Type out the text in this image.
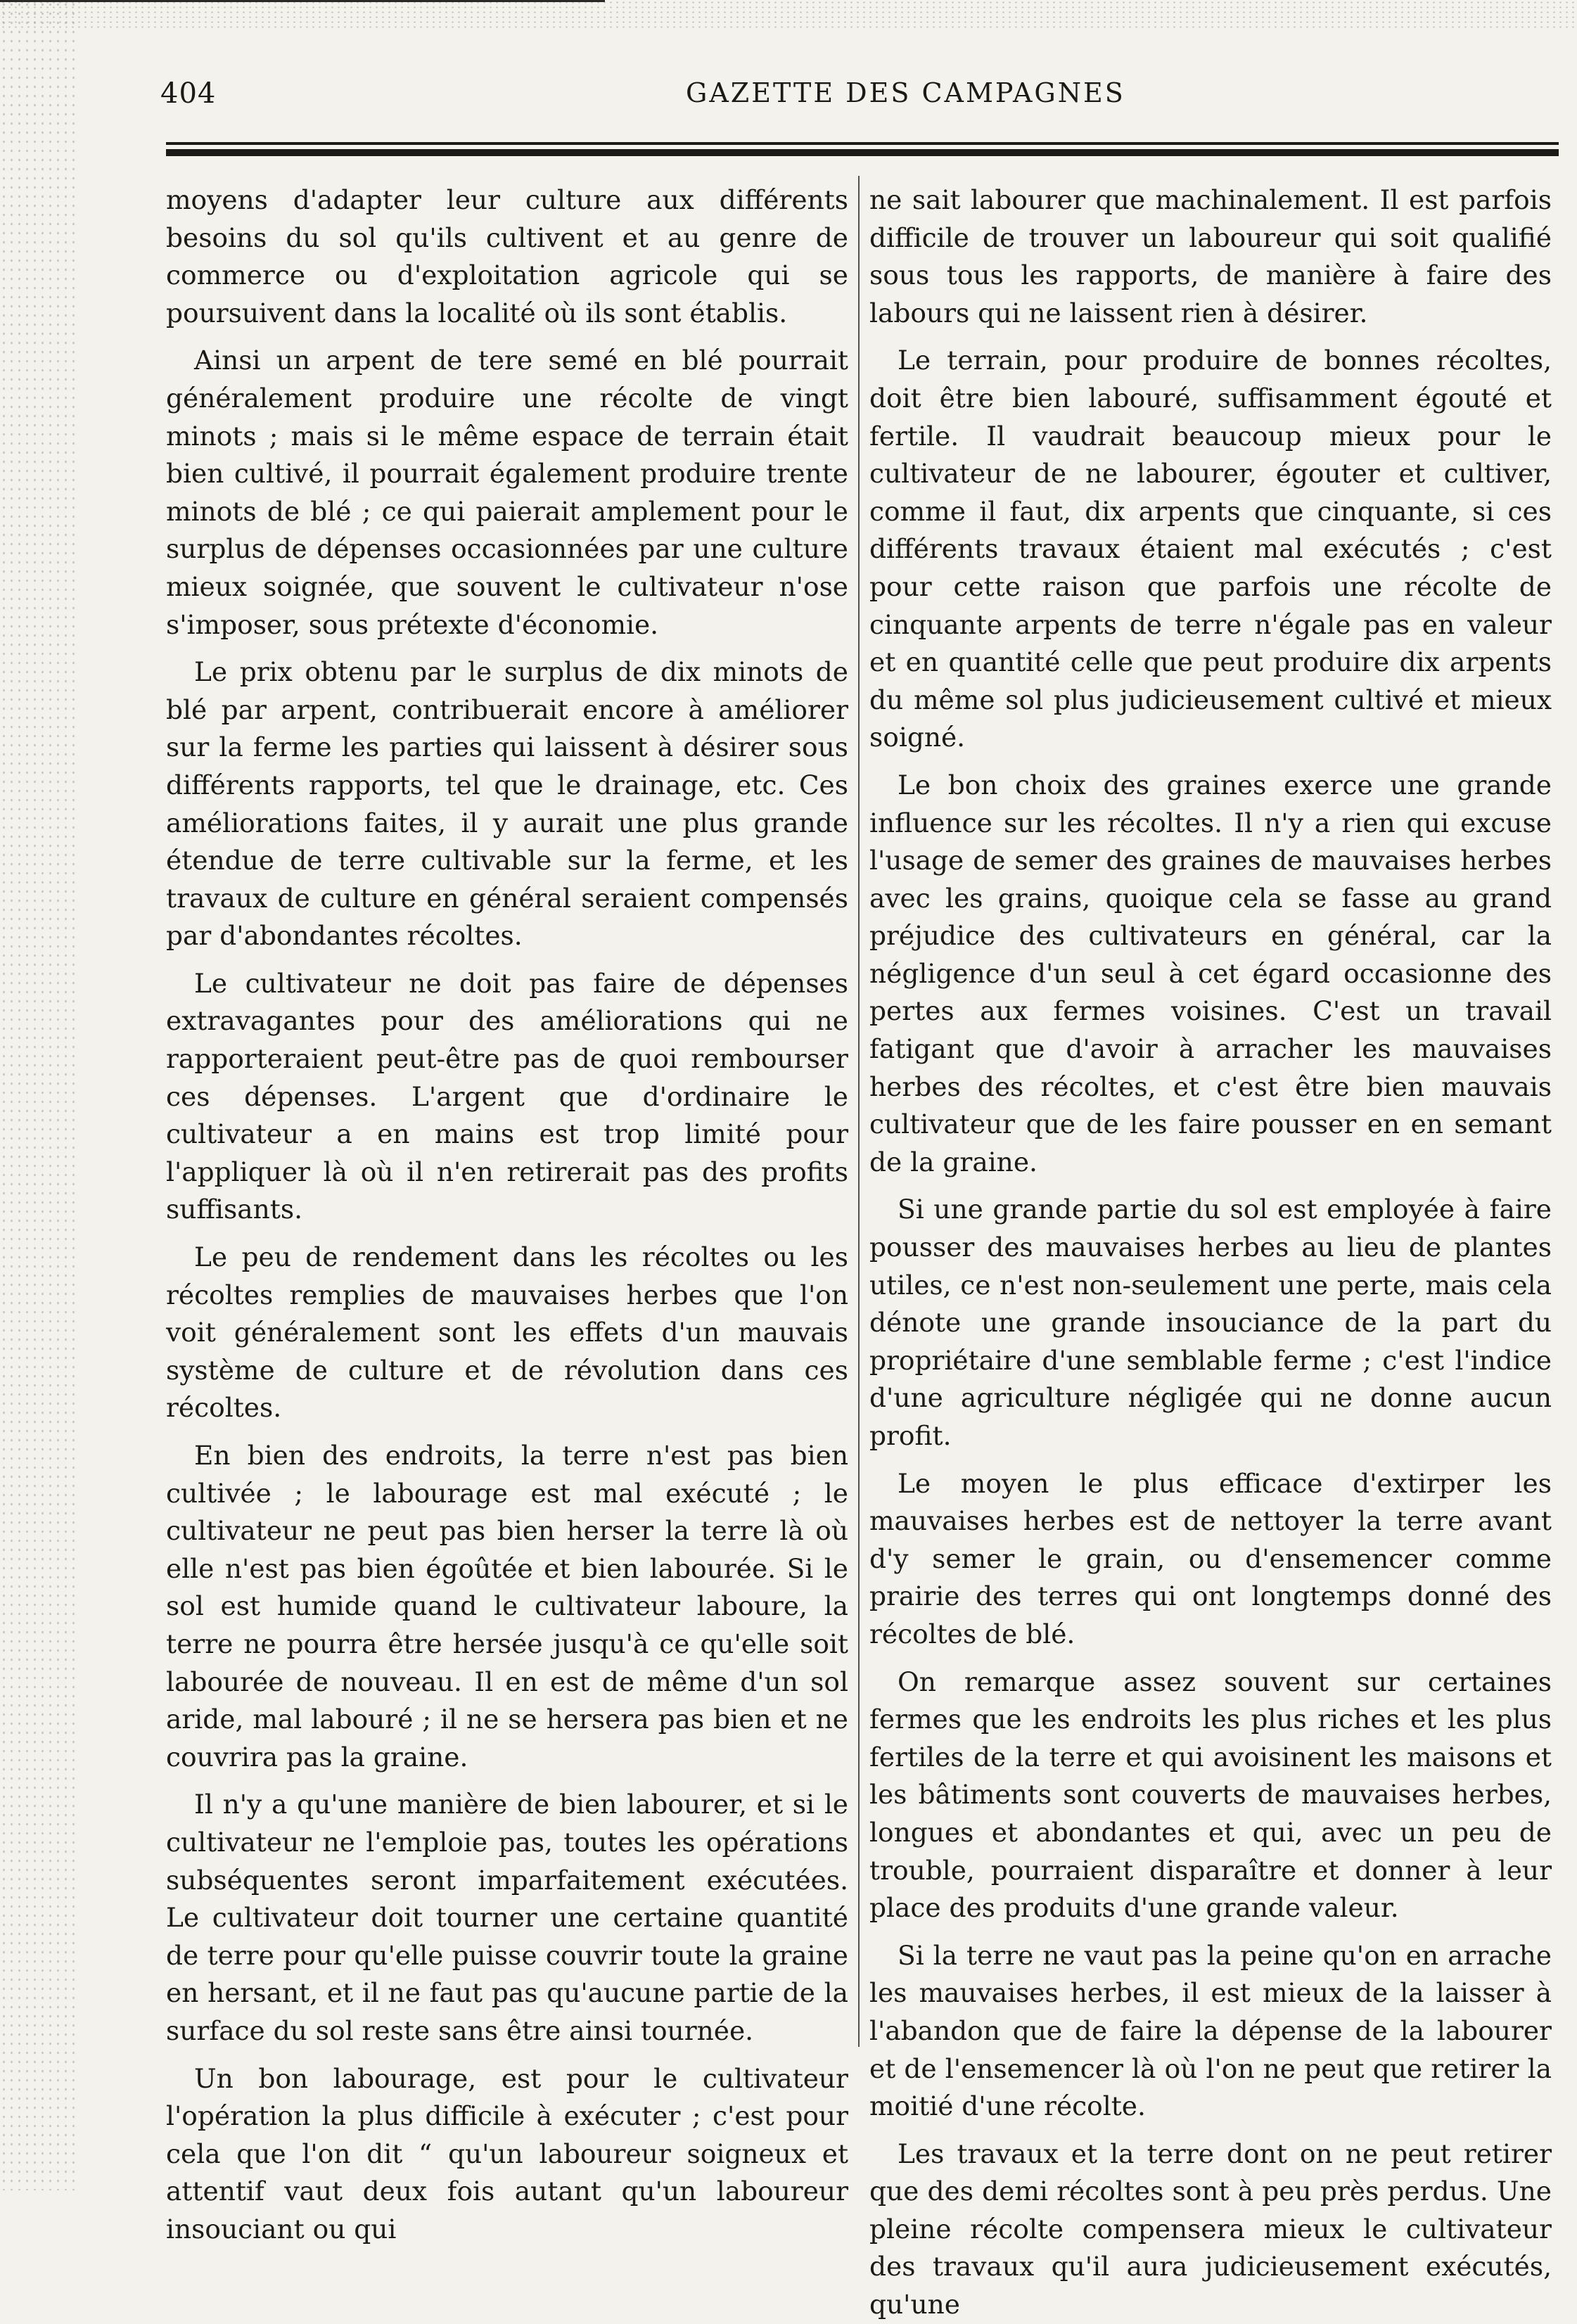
404	GAZETTE DES CAMPAGNES

moyens d'adapter leur culture aux différents besoins du sol qu'ils cultivent et au genre de commerce ou d'exploitation agricole qui se poursuivent dans la localité où ils sont établis.

Ainsi un arpent de tere semé en blé pourrait généralement produire une récolte de vingt minots ; mais si le même espace de terrain était bien cultivé, il pourrait également produire trente minots de blé ; ce qui paierait amplement pour le surplus de dépenses occasionnées par une culture mieux soignée, que souvent le cultivateur n'ose s'imposer, sous prétexte d'économie.

Le prix obtenu par le surplus de dix minots de blé par arpent, contribuerait encore à améliorer sur la ferme les parties qui laissent à désirer sous différents rapports, tel que le drainage, etc. Ces améliorations faites, il y aurait une plus grande étendue de terre cultivable sur la ferme, et les travaux de culture en général seraient compensés par d'abondantes récoltes.

Le cultivateur ne doit pas faire de dépenses extravagantes pour des améliorations qui ne rapporteraient peut-être pas de quoi rembourser ces dépenses. L'argent que d'ordinaire le cultivateur a en mains est trop limité pour l'appliquer là où il n'en retirerait pas des profits suffisants.

Le peu de rendement dans les récoltes ou les récoltes remplies de mauvaises herbes que l'on voit généralement sont les effets d'un mauvais système de culture et de révolution dans ces récoltes.

En bien des endroits, la terre n'est pas bien cultivée ; le labourage est mal exécuté ; le cultivateur ne peut pas bien herser la terre là où elle n'est pas bien égoûtée et bien labourée. Si le sol est humide quand le cultivateur laboure, la terre ne pourra être hersée jusqu'à ce qu'elle soit labourée de nouveau. Il en est de même d'un sol aride, mal labouré ; il ne se hersera pas bien et ne couvrira pas la graine.

Il n'y a qu'une manière de bien labourer, et si le cultivateur ne l'emploie pas, toutes les opérations subséquentes seront imparfaitement exécutées. Le cultivateur doit tourner une certaine quantité de terre pour qu'elle puisse couvrir toute la graine en hersant, et il ne faut pas qu'aucune partie de la surface du sol reste sans être ainsi tournée.

Un bon labourage, est pour le cultivateur l'opération la plus difficile à exécuter ; c'est pour cela que l'on dit “ qu'un laboureur soigneux et attentif vaut deux fois autant qu'un laboureur insouciant ou qui

ne sait labourer que machinalement. Il est parfois difficile de trouver un laboureur qui soit qualifié sous tous les rapports, de manière à faire des labours qui ne laissent rien à désirer.

Le terrain, pour produire de bonnes récoltes, doit être bien labouré, suffisamment égouté et fertile. Il vaudrait beaucoup mieux pour le cultivateur de ne labourer, égouter et cultiver, comme il faut, dix arpents que cinquante, si ces différents travaux étaient mal exécutés ; c'est pour cette raison que parfois une récolte de cinquante arpents de terre n'égale pas en valeur et en quantité celle que peut produire dix arpents du même sol plus judicieusement cultivé et mieux soigné.

Le bon choix des graines exerce une grande influence sur les récoltes. Il n'y a rien qui excuse l'usage de semer des graines de mauvaises herbes avec les grains, quoique cela se fasse au grand préjudice des cultivateurs en général, car la négligence d'un seul à cet égard occasionne des pertes aux fermes voisines. C'est un travail fatigant que d'avoir à arracher les mauvaises herbes des récoltes, et c'est être bien mauvais cultivateur que de les faire pousser en en semant de la graine.

Si une grande partie du sol est employée à faire pousser des mauvaises herbes au lieu de plantes utiles, ce n'est non-seulement une perte, mais cela dénote une grande insouciance de la part du propriétaire d'une semblable ferme ; c'est l'indice d'une agriculture négligée qui ne donne aucun profit.

Le moyen le plus efficace d'extirper les mauvaises herbes est de nettoyer la terre avant d'y semer le grain, ou d'ensemencer comme prairie des terres qui ont longtemps donné des récoltes de blé.

On remarque assez souvent sur certaines fermes que les endroits les plus riches et les plus fertiles de la terre et qui avoisinent les maisons et les bâtiments sont couverts de mauvaises herbes, longues et abondantes et qui, avec un peu de trouble, pourraient disparaître et donner à leur place des produits d'une grande valeur.

Si la terre ne vaut pas la peine qu'on en arrache les mauvaises herbes, il est mieux de la laisser à l'abandon que de faire la dépense de la labourer et de l'ensemencer là où l'on ne peut que retirer la moitié d'une récolte.

Les travaux et la terre dont on ne peut retirer que des demi récoltes sont à peu près perdus. Une pleine récolte compensera mieux le cultivateur des travaux qu'il aura judicieusement exécutés, qu'une
